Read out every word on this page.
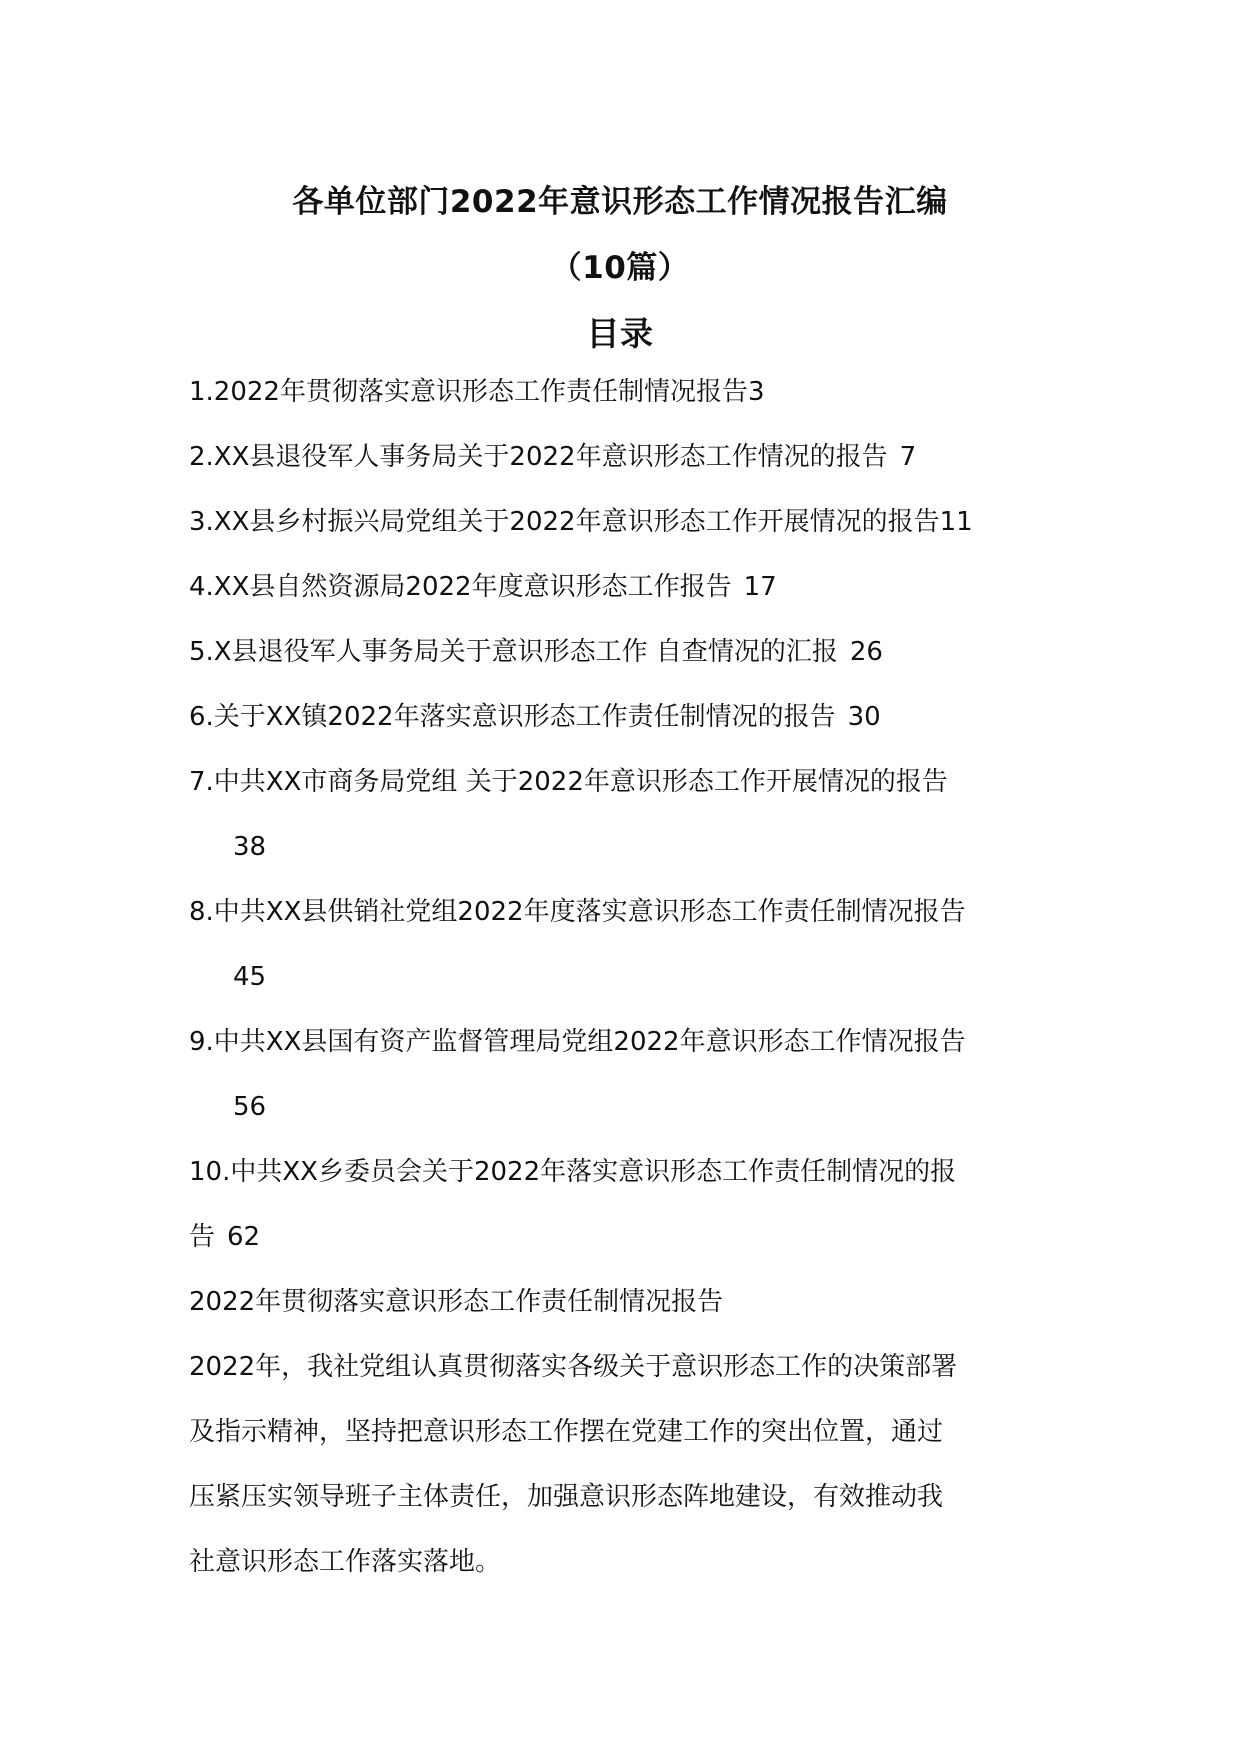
各单位部门2022年意识形态工作情况报告汇编
（10篇）
目录
1.2022年贯彻落实意识形态工作责任制情况报告3
2.XX县退役军人事务局关于2022年意识形态工作情况的报告 7
3.XX县乡村振兴局党组关于2022年意识形态工作开展情况的报告11
4.XX县自然资源局2022年度意识形态工作报告 17
5.X县退役军人事务局关于意识形态工作 自查情况的汇报 26
6.关于XX镇2022年落实意识形态工作责任制情况的报告 30
7.中共XX市商务局党组 关于2022年意识形态工作开展情况的报告
38
8.中共XX县供销社党组2022年度落实意识形态工作责任制情况报告
45
9.中共XX县国有资产监督管理局党组2022年意识形态工作情况报告
56
10.中共XX乡委员会关于2022年落实意识形态工作责任制情况的报
告 62
2022年贯彻落实意识形态工作责任制情况报告
2022年，我社党组认真贯彻落实各级关于意识形态工作的决策部署
及指示精神，坚持把意识形态工作摆在党建工作的突出位置，通过
压紧压实领导班子主体责任，加强意识形态阵地建设，有效推动我
社意识形态工作落实落地。
